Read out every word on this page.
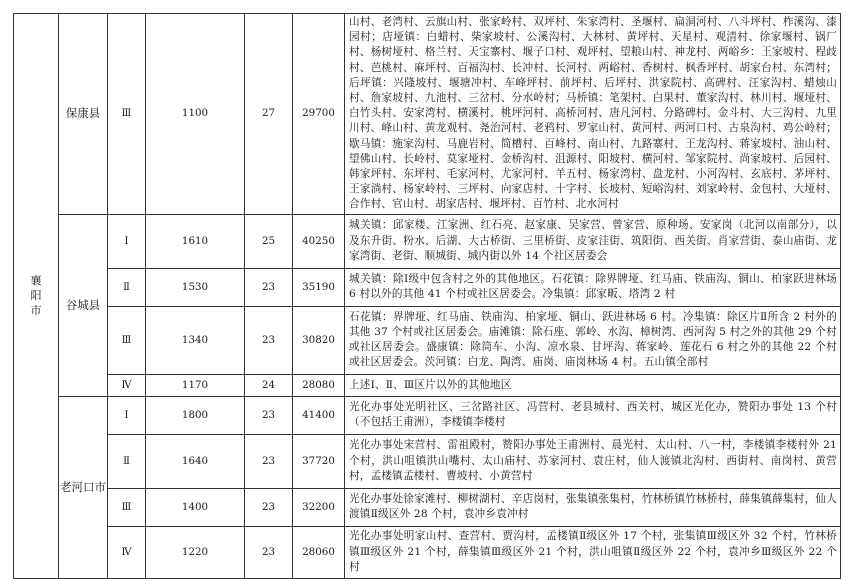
襄阳市	保康县	Ⅲ	1100	27	29700	山村、老湾村、云旗山村、张家岭村、双坪村、朱家湾村、圣堰村、扁洞河村、八斗坪村、柞溪沟、漆园村；店垭镇：白蜡村、柴家坡村、公溪沟村、大林村、黄坪村、天星村、观清村、徐家堰村、锅厂村、杨树垭村、格兰村、天宝寨村、堰子口村、观坪村、望粮山村、神龙村、两峪乡：王家坡村、程歧村、芭桃村、麻坪村、百福沟村、长冲村、长河村、两峪村、香树村、枫香坪村、胡家台村、东湾村；后坪镇：兴隆坡村、堰塘冲村、车峰坪村、前坪村、后坪村、洪家院村、高碑村、汪家沟村、蜡烛山村、詹家坡村、九池村、三岔村、分水岭村；马桥镇：笔架村、白果村、董家沟村、林川村、堰垭村、白竹头村、安家湾村、横溪村、桃坪河村、高桥河村、唐凡河村、分路碑村、金斗村、大三沟村、九里川村、峰山村、黄龙观村、尧治河村、老鸦村、罗家山村、黄河村、两河口村、古泉沟村、鸡公岭村；歇马镇：施家沟村、马鹿岩村、简槽村、百峰村、南山村、九路寨村、王龙沟村、蒋家坡村、油山村、望佛山村、长岭村、莫家垭村、金桥沟村、沮源村、阳坡村、横河村、邹家院村、尚家坡村、后园村、韩家坪村、东坪村、毛家河村、尤家河村、羊五村、杨家湾村、盘龙村、小河沟村、玄底村、茅坪村、王家淌村、杨家岭村、三坪村、向家店村、十字村、长坡村、短峪沟村、刘家岭村、金包村、大垭村、合作村、官山村、胡家店村、堰坪村、百竹村、北水河村
	谷城县	Ⅰ	1610	25	40250	城关镇：邱家楼、江家洲、红石亮、赵家康、吴家营、曾家营、原种场、安家岗（北河以南部分），以及东升街、粉水、后湖、大古桥街、三里桥街、皮家洼街、筑阳街、西关街、肖家营街、泰山庙街、龙家湾街、老街、顺城街、城内街以外 14 个社区居委会
		Ⅱ	1530	23	35190	城关镇：除Ⅰ级中包含村之外的其他地区。石花镇：除界牌垭、红马庙、铁庙沟、铜山、柏家跃进林场 6 村以外的其他 41 个村或社区居委会。冷集镇：邱家畈、塔湾 2 村
		Ⅲ	1340	23	30820	石花镇：界牌垭、红马庙、铁庙沟、柏家垭、铜山、跃进林场 6 村。冷集镇：除区片Ⅱ所含 2 村外的其他 37 个村或社区居委会。庙滩镇：除石座、郭岭、水沟、樟树湾、西河沟 5 村之外的其他 29 个村或社区居委会。盛康镇：除筒车、小沟、凉水泉、甘坪沟、蒋家岭、莲花石 6 村之外的其他 22 个村或社区居委会。茨河镇：白龙、陶湾、庙岗、庙岗林场 4 村。五山镇全部村
		Ⅳ	1170	24	28080	上述Ⅰ、Ⅱ、Ⅲ区片以外的其他地区
	老河口市	Ⅰ	1800	23	41400	光化办事处光明社区、三岔路社区、冯营村、老县城村、西关村、城区光化办，赞阳办事处 13 个村（不包括王甫洲），李楼镇李楼村
		Ⅱ	1640	23	37720	光化办事处宋营村、雷祖殿村，赞阳办事处王甫洲村、晨光村、太山村、八一村，李楼镇李楼村外 21 个村，洪山咀镇洪山嘴村、太山庙村、苏家河村、袁庄村，仙人渡镇北沟村、西街村、南岗村、黄营村，孟楼镇孟楼村、曹坡村、小黄营村
		Ⅲ	1400	23	32200	光化办事处徐家滩村、柳树湖村、辛店岗村，张集镇张集村，竹林桥镇竹林桥村，薛集镇薛集村，仙人渡镇Ⅱ级区外 28 个村，袁冲乡袁冲村
		Ⅳ	1220	23	28060	光化办事处明家山村、查营村、贾沟村，孟楼镇Ⅱ级区外 17 个村，张集镇Ⅲ级区外 32 个村，竹林桥镇Ⅲ级区外 21 个村，薛集镇Ⅲ级区外 21 个村，洪山咀镇Ⅱ级区外 22 个村，袁冲乡Ⅲ级区外 22 个村
